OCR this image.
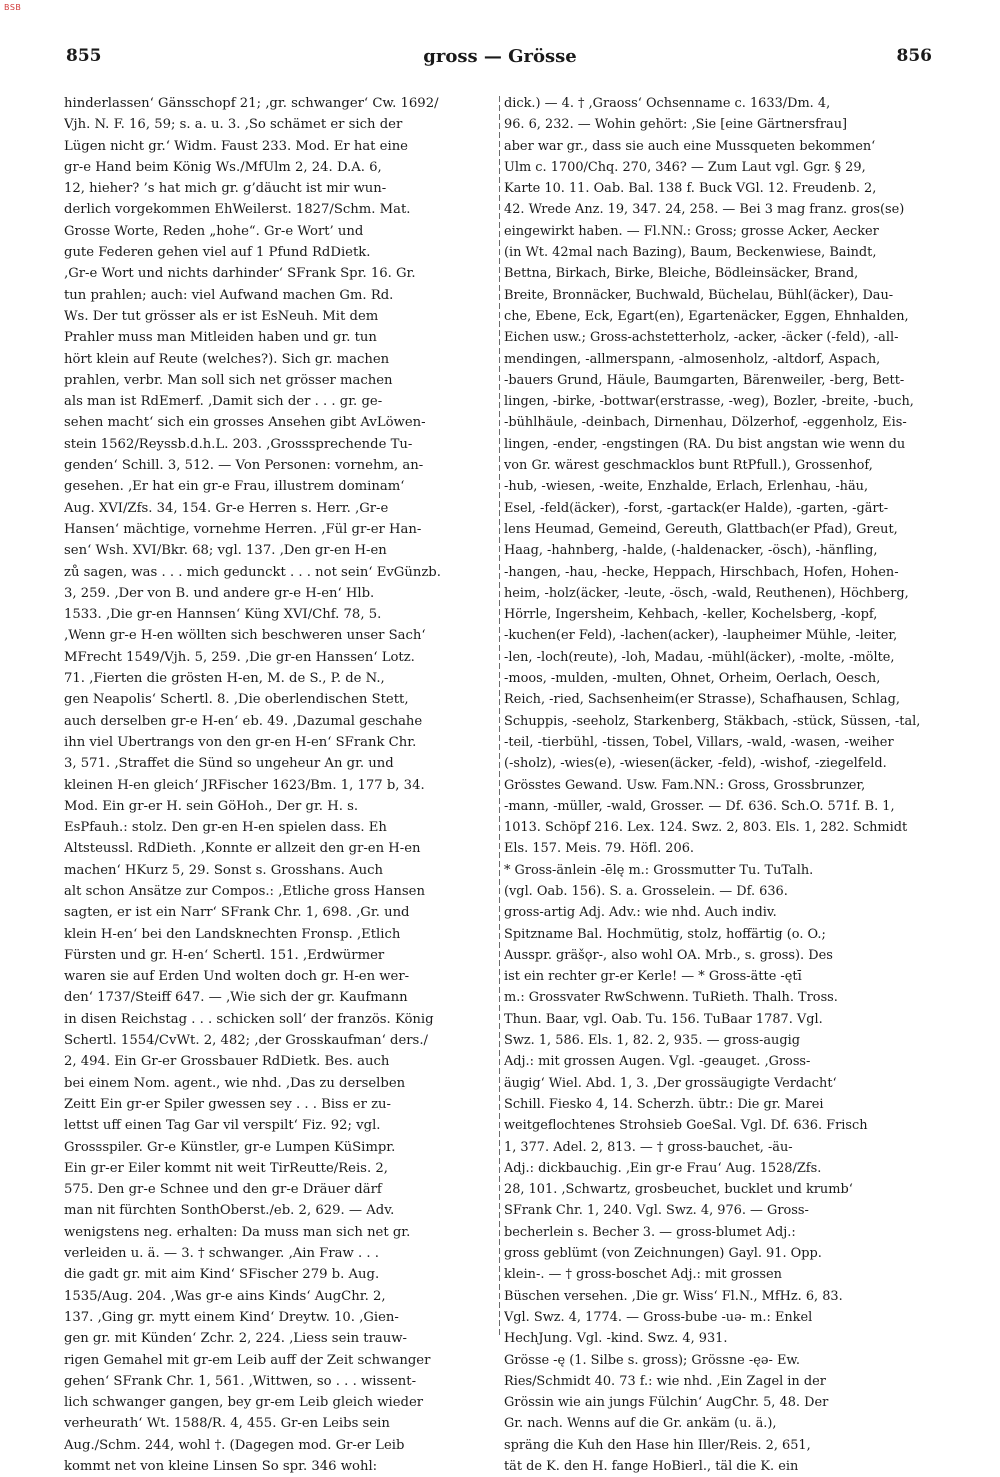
BSB
855	gross — Grösse	856
hinderlassen‘ Gänsschopf 21; ‚gr. schwanger‘ Cw. 1692/
Vjh. N. F. 16, 59; s. a. u. 3. ‚So schämet er sich der
Lügen nicht gr.‘ Widm. Faust 233. Mod. Er hat eine
gr-e Hand beim König Ws./MfUlm 2, 24. D.A. 6,
12, hieher? ’s hat mich gr. g’däucht ist mir wun-
derlich vorgekommen EhWeilerst. 1827/Schm. Mat.
Grosse Worte, Reden „hohe“. Gr-e Wort’ und
gute Federen gehen viel auf 1 Pfund RdDietk.
‚Gr-e Wort und nichts darhinder‘ SFrank Spr. 16. Gr.
tun prahlen; auch: viel Aufwand machen Gm. Rd.
Ws. Der tut grösser als er ist EsNeuh. Mit dem
Prahler muss man Mitleiden haben und gr. tun
hört klein auf Reute (welches?). Sich gr. machen
prahlen, verbr. Man soll sich net grösser machen
als man ist RdEmerf. ‚Damit sich der . . . gr. ge-
sehen macht‘ sich ein grosses Ansehen gibt AvLöwen-
stein 1562/Reyssb.d.h.L. 203. ‚Grosssprechende Tu-
genden‘ Schill. 3, 512. — Von Personen: vornehm, an-
gesehen. ‚Er hat ein gr-e Frau, illustrem dominam‘
Aug. XVI/Zfs. 34, 154. Gr-e Herren s. Herr. ‚Gr-e
Hansen‘ mächtige, vornehme Herren. ‚Fül gr-er Han-
sen‘ Wsh. XVI/Bkr. 68; vgl. 137. ‚Den gr-en H-en
zů sagen, was . . . mich gedunckt . . . not sein‘ EvGünzb.
3, 259. ‚Der von B. und andere gr-e H-en‘ Hlb.
1533. ‚Die gr-en Hannsen‘ Küng XVI/Chf. 78, 5.
‚Wenn gr-e H-en wöllten sich beschweren unser Sach‘
MFrecht 1549/Vjh. 5, 259. ‚Die gr-en Hanssen‘ Lotz.
71. ‚Fierten die grösten H-en, M. de S., P. de N.,
gen Neapolis‘ Schertl. 8. ‚Die oberlendischen Stett,
auch derselben gr-e H-en‘ eb. 49. ‚Dazumal geschahe
ihn viel Ubertrangs von den gr-en H-en‘ SFrank Chr.
3, 571. ‚Straffet die Sünd so ungeheur An gr. und
kleinen H-en gleich‘ JRFischer 1623/Bm. 1, 177 b, 34.
Mod. Ein gr-er H. sein GöHoh., Der gr. H. s.
EsPfauh.: stolz. Den gr-en H-en spielen dass. Eh
Altsteussl. RdDieth. ‚Konnte er allzeit den gr-en H-en
machen‘ HKurz 5, 29. Sonst s. Grosshans. Auch
alt schon Ansätze zur Compos.: ‚Etliche gross Hansen
sagten, er ist ein Narr‘ SFrank Chr. 1, 698. ‚Gr. und
klein H-en‘ bei den Landsknechten Fronsp. ‚Etlich
Fürsten und gr. H-en‘ Schertl. 151. ‚Erdwürmer
waren sie auf Erden Und wolten doch gr. H-en wer-
den‘ 1737/Steiff 647. — ‚Wie sich der gr. Kaufmann
in disen Reichstag . . . schicken soll‘ der französ. König
Schertl. 1554/CvWt. 2, 482; ‚der Grosskaufman‘ ders./
2, 494. Ein Gr-er Grossbauer RdDietk. Bes. auch
bei einem Nom. agent., wie nhd. ‚Das zu derselben
Zeitt Ein gr-er Spiler gwessen sey . . . Biss er zu-
lettst uff einen Tag Gar vil verspilt‘ Fiz. 92; vgl.
Grossspiler. Gr-e Künstler, gr-e Lumpen KüSimpr.
Ein gr-er Eiler kommt nit weit TirReutte/Reis. 2,
575. Den gr-e Schnee und den gr-e Dräuer därf
man nit fürchten SonthOberst./eb. 2, 629. — Adv.
wenigstens neg. erhalten: Da muss man sich net gr.
verleiden u. ä. — 3. † schwanger. ‚Ain Fraw . . .
die gadt gr. mit aim Kind‘ SFischer 279 b. Aug.
1535/Aug. 204. ‚Was gr-e ains Kinds‘ AugChr. 2,
137. ‚Ging gr. mytt einem Kind‘ Dreytw. 10. ‚Gien-
gen gr. mit Künden‘ Zchr. 2, 224. ‚Liess sein trauw-
rigen Gemahel mit gr-em Leib auff der Zeit schwanger
gehen‘ SFrank Chr. 1, 561. ‚Wittwen, so . . . wissent-
lich schwanger gangen, bey gr-em Leib gleich wieder
verheurath‘ Wt. 1588/R. 4, 455. Gr-en Leibs sein
Aug./Schm. 244, wohl †. (Dagegen mod. Gr-er Leib
kommt net von kleine Linsen So spr. 346 wohl:
dick.) — 4. † ‚Graoss‘ Ochsenname c. 1633/Dm. 4,
96. 6, 232. — Wohin gehört: ‚Sie [eine Gärtnersfrau]
aber war gr., dass sie auch eine Mussqueten bekommen‘
Ulm c. 1700/Chq. 270, 346? — Zum Laut vgl. Ggr. § 29,
Karte 10. 11. Oab. Bal. 138 f. Buck VGl. 12. Freudenb. 2,
42. Wrede Anz. 19, 347. 24, 258. — Bei 3 mag franz. gros(se)
eingewirkt haben. — Fl.NN.: Gross; grosse Acker, Aecker
(in Wt. 42mal nach Bazing), Baum, Beckenwiese, Baindt,
Bettna, Birkach, Birke, Bleiche, Bödleinsäcker, Brand,
Breite, Bronnäcker, Buchwald, Büchelau, Bühl(äcker), Dau-
che, Ebene, Eck, Egart(en), Egartenäcker, Eggen, Ehnhalden,
Eichen usw.; Gross-achstetterholz, -acker, -äcker (-feld), -all-
mendingen, -allmerspann, -almosenholz, -altdorf, Aspach,
-bauers Grund, Häule, Baumgarten, Bärenweiler, -berg, Bett-
lingen, -birke, -bottwar(erstrasse, -weg), Bozler, -breite, -buch,
-bühlhäule, -deinbach, Dirnenhau, Dölzerhof, -eggenholz, Eis-
lingen, -ender, -engstingen (RA. Du bist angstan wie wenn du
von Gr. wärest geschmacklos bunt RtPfull.), Grossenhof,
-hub, -wiesen, -weite, Enzhalde, Erlach, Erlenhau, -häu,
Esel, -feld(äcker), -forst, -gartack(er Halde), -garten, -gärt-
lens Heumad, Gemeind, Gereuth, Glattbach(er Pfad), Greut,
Haag, -hahnberg, -halde, (-haldenacker, -ösch), -hänfling,
-hangen, -hau, -hecke, Heppach, Hirschbach, Hofen, Hohen-
heim, -holz(äcker, -leute, -ösch, -wald, Reuthenen), Höchberg,
Hörrle, Ingersheim, Kehbach, -keller, Kochelsberg, -kopf,
-kuchen(er Feld), -lachen(acker), -laupheimer Mühle, -leiter,
-len, -loch(reute), -loh, Madau, -mühl(äcker), -molte, -mölte,
-moos, -mulden, -multen, Ohnet, Orheim, Oerlach, Oesch,
Reich, -ried, Sachsenheim(er Strasse), Schafhausen, Schlag,
Schuppis, -seeholz, Starkenberg, Stäkbach, -stück, Süssen, -tal,
-teil, -tierbühl, -tissen, Tobel, Villars, -wald, -wasen, -weiher
(-sholz), -wies(e), -wiesen(äcker, -feld), -wishof, -ziegelfeld.
Grösstes Gewand. Usw. Fam.NN.: Gross, Grossbrunzer,
-mann, -müller, -wald, Grosser. — Df. 636. Sch.O. 571f. B. 1,
1013. Schöpf 216. Lex. 124. Swz. 2, 803. Els. 1, 282. Schmidt
Els. 157. Meis. 79. Höfl. 206.
* Gross-änlein -ēlę m.: Grossmutter Tu. TuTalh.
(vgl. Oab. 156). S. a. Grosselein. — Df. 636.
gross-artig Adj. Adv.: wie nhd. Auch indiv.
Spitzname Bal. Hochmütig, stolz, hoffärtig (o. O.;
Ausspr. gräšǫr-, also wohl OA. Mrb., s. gross). Des
ist ein rechter gr-er Kerle! — * Gross-ätte -ętī
m.: Grossvater RwSchwenn. TuRieth. Thalh. Tross.
Thun. Baar, vgl. Oab. Tu. 156. TuBaar 1787. Vgl.
Swz. 1, 586. Els. 1, 82. 2, 935. — gross-augig
Adj.: mit grossen Augen. Vgl. -geauget. ‚Gross-
äugig‘ Wiel. Abd. 1, 3. ‚Der grossäugigte Verdacht‘
Schill. Fiesko 4, 14. Scherzh. übtr.: Die gr. Marei
weitgeflochtenes Strohsieb GoeSal. Vgl. Df. 636. Frisch
1, 377. Adel. 2, 813. — † gross-bauchet, -äu-
Adj.: dickbauchig. ‚Ein gr-e Frau‘ Aug. 1528/Zfs.
28, 101. ‚Schwartz, grosbeuchet, bucklet und krumb‘
SFrank Chr. 1, 240. Vgl. Swz. 4, 976. — Gross-
becherlein s. Becher 3. — gross-blumet Adj.:
gross geblümt (von Zeichnungen) Gayl. 91. Opp.
klein-. — † gross-boschet Adj.: mit grossen
Büschen versehen. ‚Die gr. Wiss‘ Fl.N., MfHz. 6, 83.
Vgl. Swz. 4, 1774. — Gross-bube -uə- m.: Enkel
HechJung. Vgl. -kind. Swz. 4, 931.
Grösse -ę (1. Silbe s. gross); Grössne -ęə- Ew.
Ries/Schmidt 40. 73 f.: wie nhd. ‚Ein Zagel in der
Grössin wie ain jungs Fülchin‘ AugChr. 5, 48. Der
Gr. nach. Wenns auf die Gr. ankäm (u. ä.),
spräng die Kuh den Hase hin Iller/Reis. 2, 651,
tät de K. den H. fange HoBierl., täl die K. ein
